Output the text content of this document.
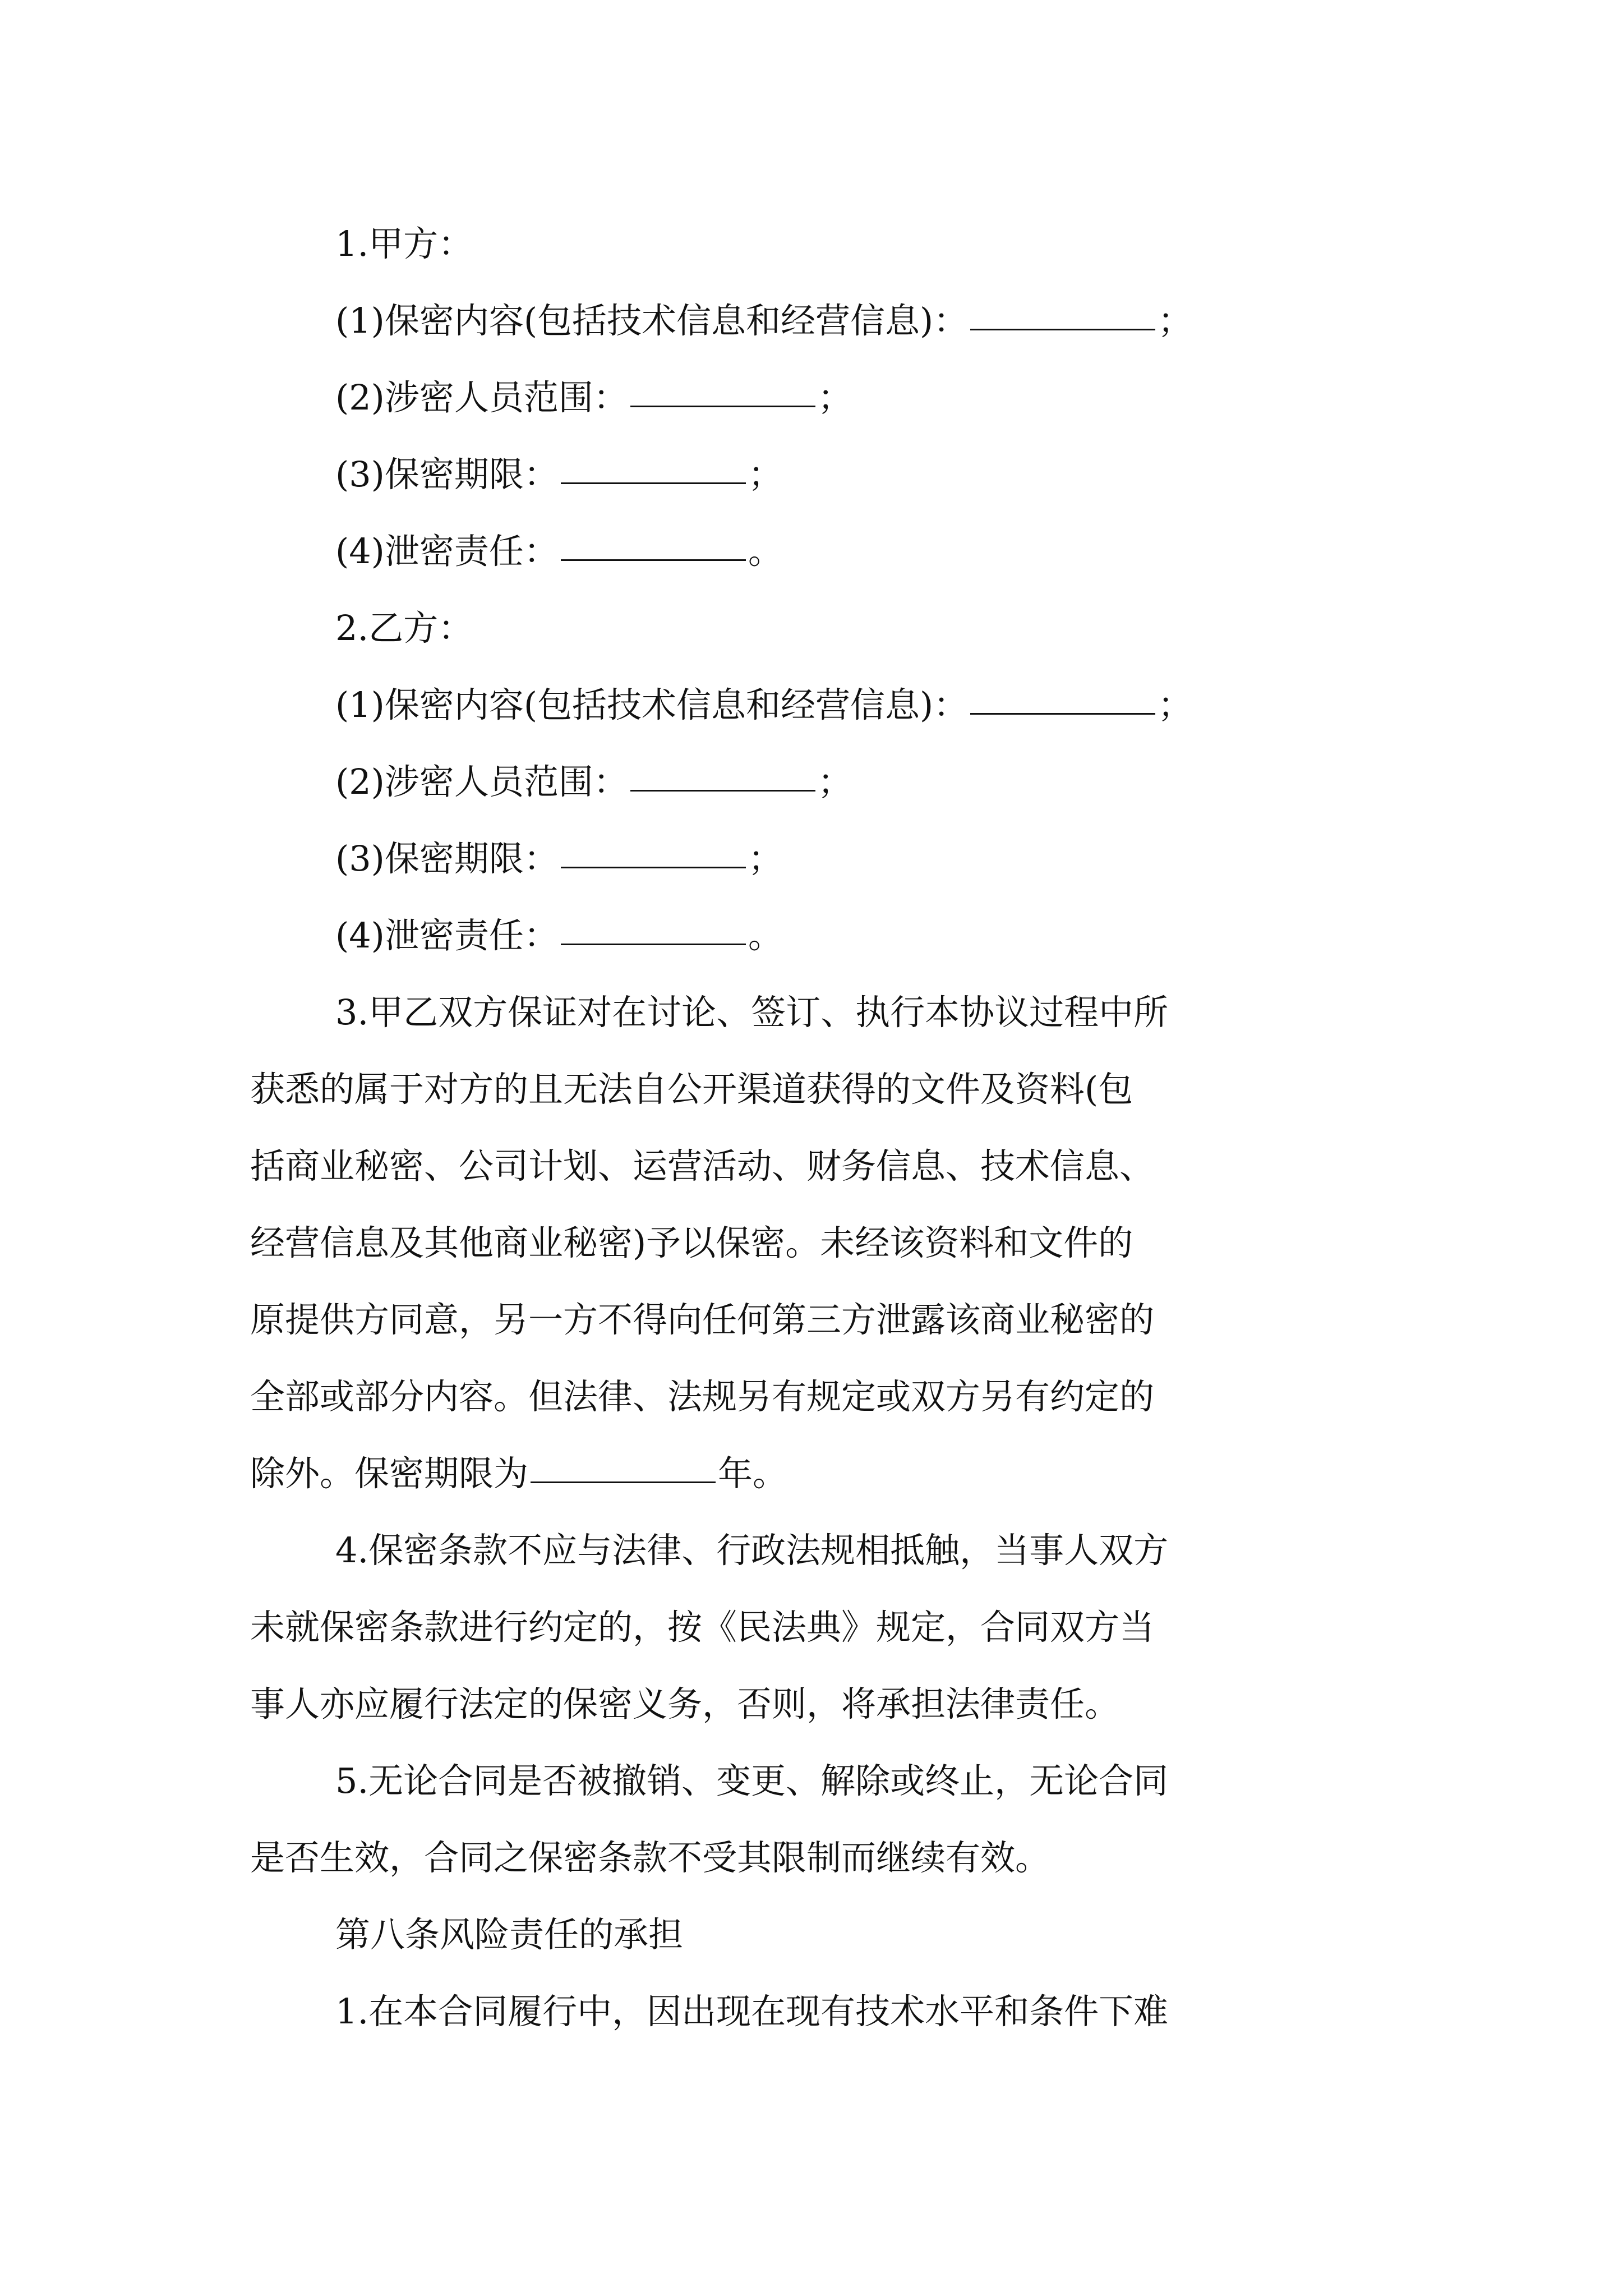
1.甲方：
(1)保密内容(包括技术信息和经营信息)：	；
(2)涉密人员范围：	；
(3)保密期限：	；
(4)泄密责任：	。
2.乙方：
(1)保密内容(包括技术信息和经营信息)：	；
(2)涉密人员范围：	；
(3)保密期限：	；
(4)泄密责任：	。
3.甲乙双方保证对在讨论、签订、执行本协议过程中所
获悉的属于对方的且无法自公开渠道获得的文件及资料(包
括商业秘密、公司计划、运营活动、财务信息、技术信息、
经营信息及其他商业秘密)予以保密。未经该资料和文件的
原提供方同意，另一方不得向任何第三方泄露该商业秘密的
全部或部分内容。但法律、法规另有规定或双方另有约定的
除外。保密期限为	年。
4.保密条款不应与法律、行政法规相抵触，当事人双方
未就保密条款进行约定的，按《民法典》规定，合同双方当
事人亦应履行法定的保密义务，否则，将承担法律责任。
5.无论合同是否被撤销、变更、解除或终止，无论合同
是否生效，合同之保密条款不受其限制而继续有效。
第八条风险责任的承担
1.在本合同履行中，因出现在现有技术水平和条件下难
